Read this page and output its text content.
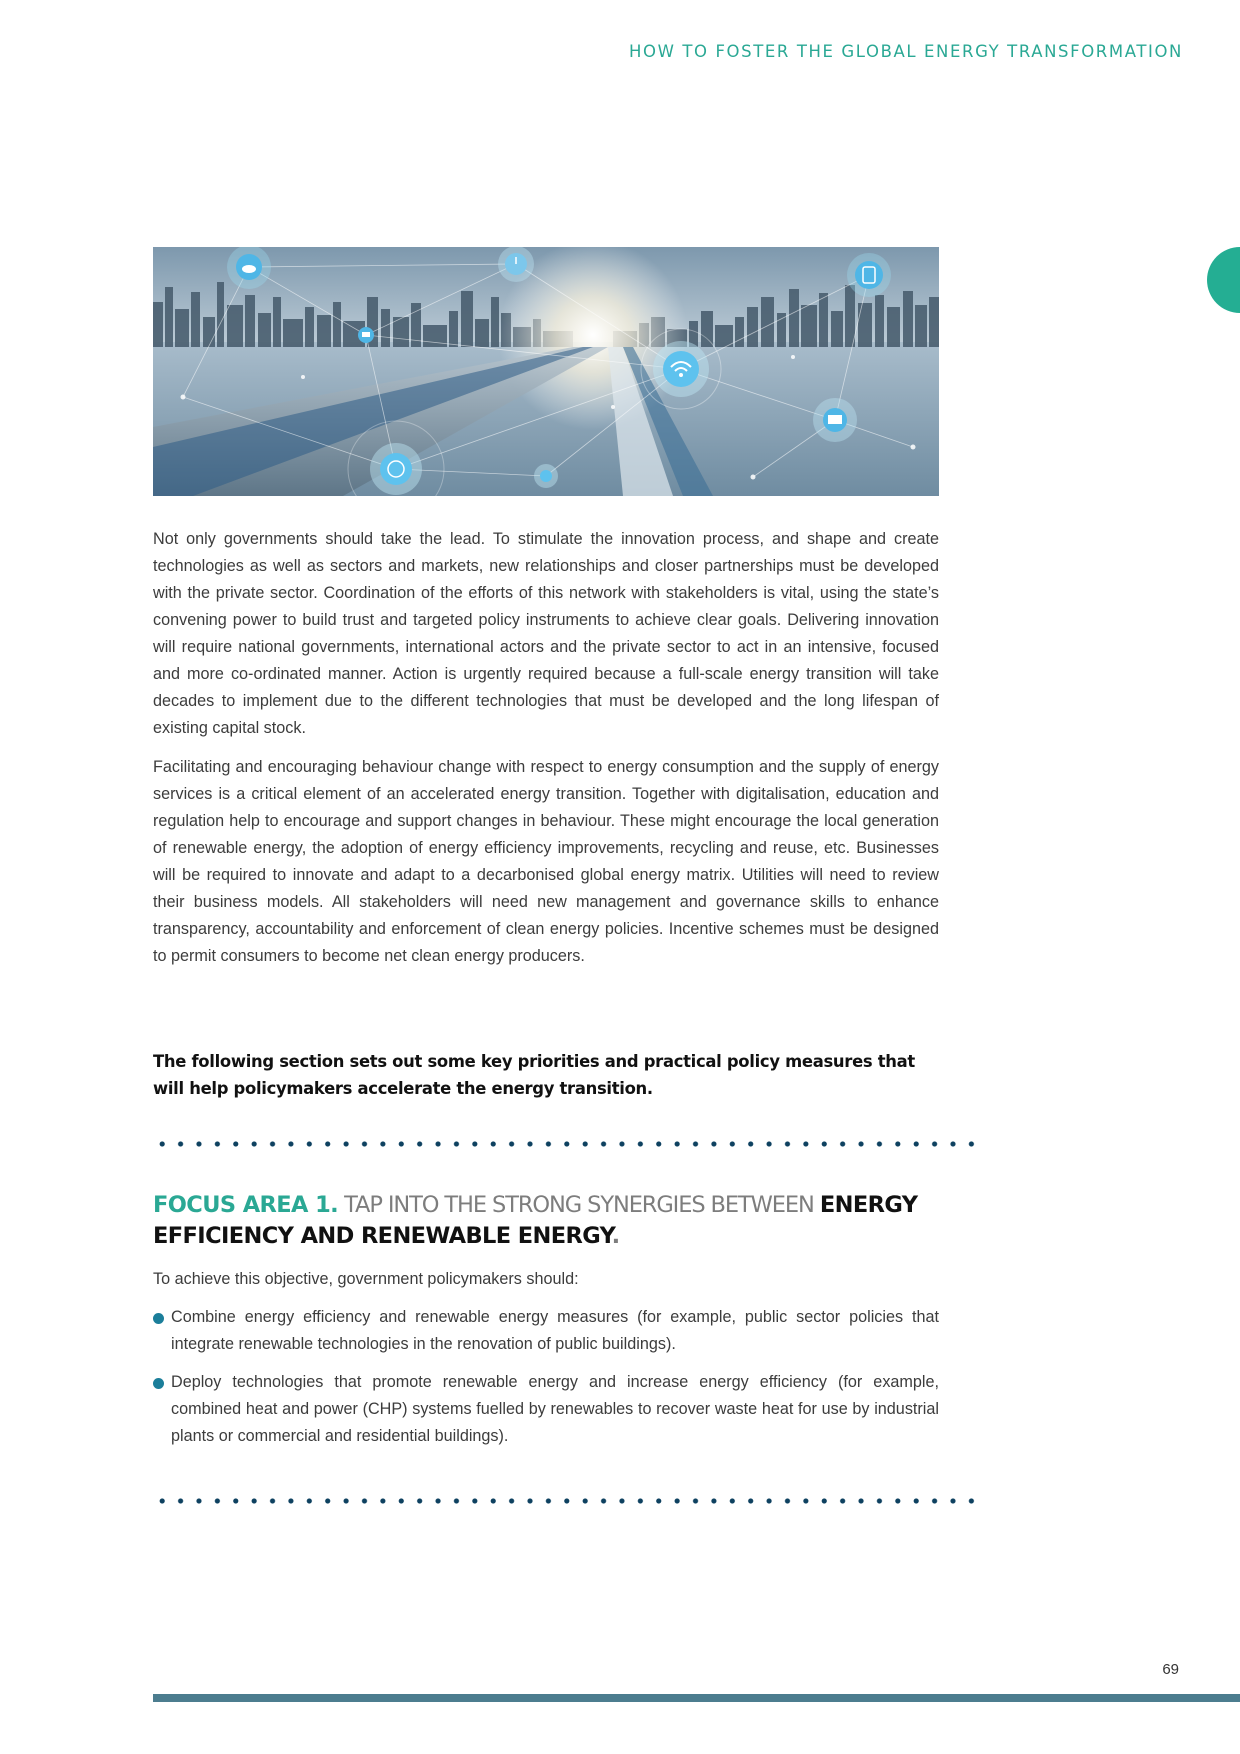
HOW TO FOSTER THE GLOBAL ENERGY TRANSFORMATION

Not only governments should take the lead. To stimulate the innovation process, and shape and create technologies as well as sectors and markets, new relationships and closer partnerships must be developed with the private sector. Coordination of the efforts of this network with stakeholders is vital, using the state’s convening power to build trust and targeted policy instruments to achieve clear goals. Delivering innovation will require national governments, international actors and the private sector to act in an intensive, focused and more co-ordinated manner. Action is urgently required because a full-scale energy transition will take decades to implement due to the different technologies that must be developed and the long lifespan of existing capital stock.

Facilitating and encouraging behaviour change with respect to energy consumption and the supply of energy services is a critical element of an accelerated energy transition. Together with digitalisation, education and regulation help to encourage and support changes in behaviour. These might encourage the local generation of renewable energy, the adoption of energy efficiency improvements, recycling and reuse, etc. Businesses will be required to innovate and adapt to a decarbonised global energy matrix. Utilities will need to review their business models. All stakeholders will need new management and governance skills to enhance transparency, accountability and enforcement of clean energy policies. Incentive schemes must be designed to permit consumers to become net clean energy producers.

The following section sets out some key priorities and practical policy measures that will help policymakers accelerate the energy transition.

FOCUS AREA 1. TAP INTO THE STRONG SYNERGIES BETWEEN ENERGY EFFICIENCY AND RENEWABLE ENERGY.

To achieve this objective, government policymakers should:

Combine energy efficiency and renewable energy measures (for example, public sector policies that integrate renewable technologies in the renovation of public buildings).
Deploy technologies that promote renewable energy and increase energy efficiency (for example, combined heat and power (CHP) systems fuelled by renewables to recover waste heat for use by industrial plants or commercial and residential buildings).
69
